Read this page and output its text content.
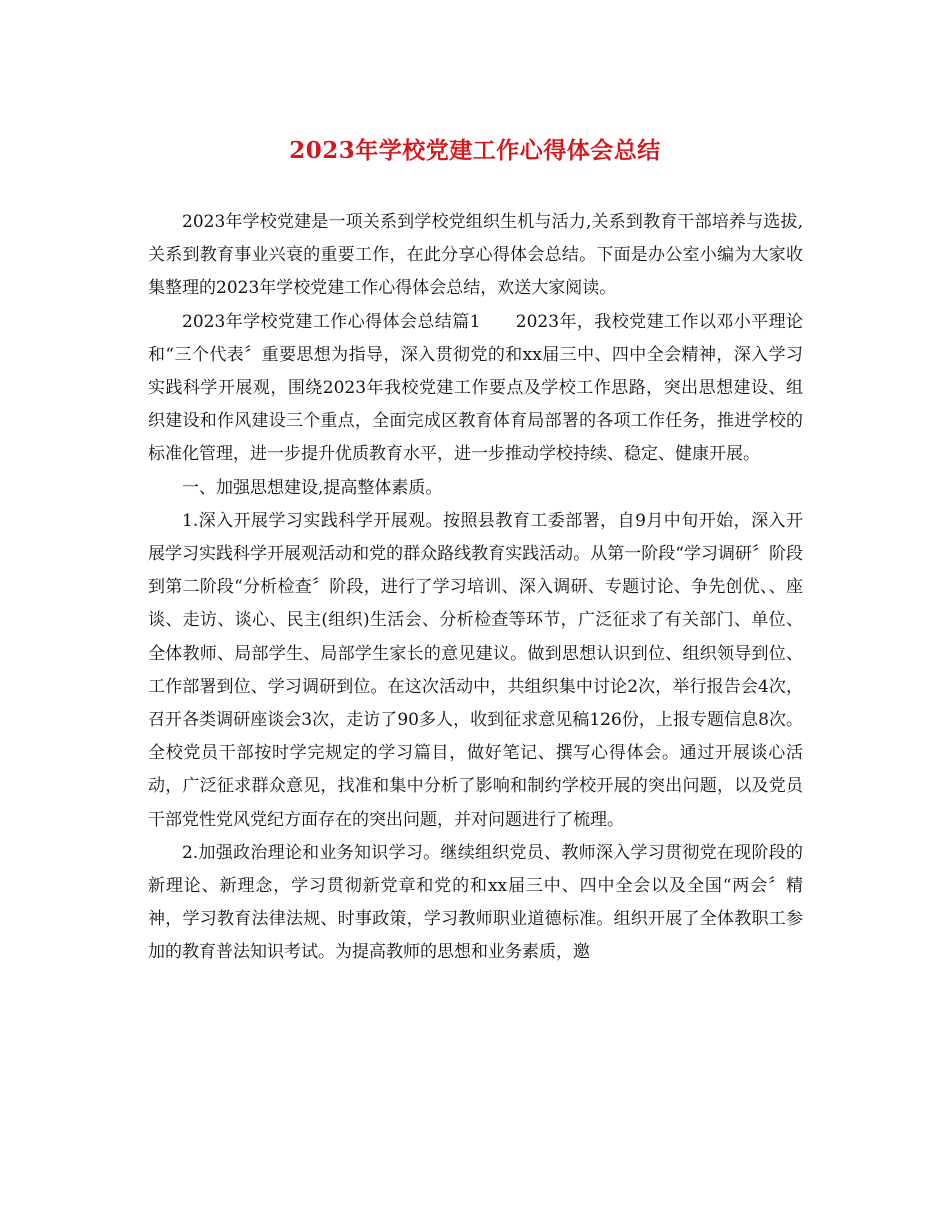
2023年学校党建工作心得体会总结

2023年学校党建是一项关系到学校党组织生机与活力,关系到教育干部培养与选拔,关系到教育事业兴衰的重要工作，在此分享心得体会总结。下面是办公室小编为大家收集整理的2023年学校党建工作心得体会总结，欢送大家阅读。

2023年学校党建工作心得体会总结篇1　　2023年，我校党建工作以邓小平理论和“三个代表〞重要思想为指导，深入贯彻党的和xx届三中、四中全会精神，深入学习实践科学开展观，围绕2023年我校党建工作要点及学校工作思路，突出思想建设、组织建设和作风建设三个重点，全面完成区教育体育局部署的各项工作任务，推进学校的标准化管理，进一步提升优质教育水平，进一步推动学校持续、稳定、健康开展。

一、加强思想建设,提高整体素质。

1.深入开展学习实践科学开展观。按照县教育工委部署，自9月中旬开始，深入开展学习实践科学开展观活动和党的群众路线教育实践活动。从第一阶段“学习调研〞阶段到第二阶段“分析检查〞阶段，进行了学习培训、深入调研、专题讨论、争先创优、、座谈、走访、谈心、民主(组织)生活会、分析检查等环节，广泛征求了有关部门、单位、全体教师、局部学生、局部学生家长的意见建议。做到思想认识到位、组织领导到位、工作部署到位、学习调研到位。在这次活动中，共组织集中讨论2次，举行报告会4次，召开各类调研座谈会3次，走访了90多人，收到征求意见稿126份，上报专题信息8次。全校党员干部按时学完规定的学习篇目，做好笔记、撰写心得体会。通过开展谈心活动，广泛征求群众意见，找准和集中分析了影响和制约学校开展的突出问题，以及党员干部党性党风党纪方面存在的突出问题，并对问题进行了梳理。

2.加强政治理论和业务知识学习。继续组织党员、教师深入学习贯彻党在现阶段的新理论、新理念，学习贯彻新党章和党的和xx届三中、四中全会以及全国“两会〞精神，学习教育法律法规、时事政策，学习教师职业道德标准。组织开展了全体教职工参加的教育普法知识考试。为提高教师的思想和业务素质，邀
